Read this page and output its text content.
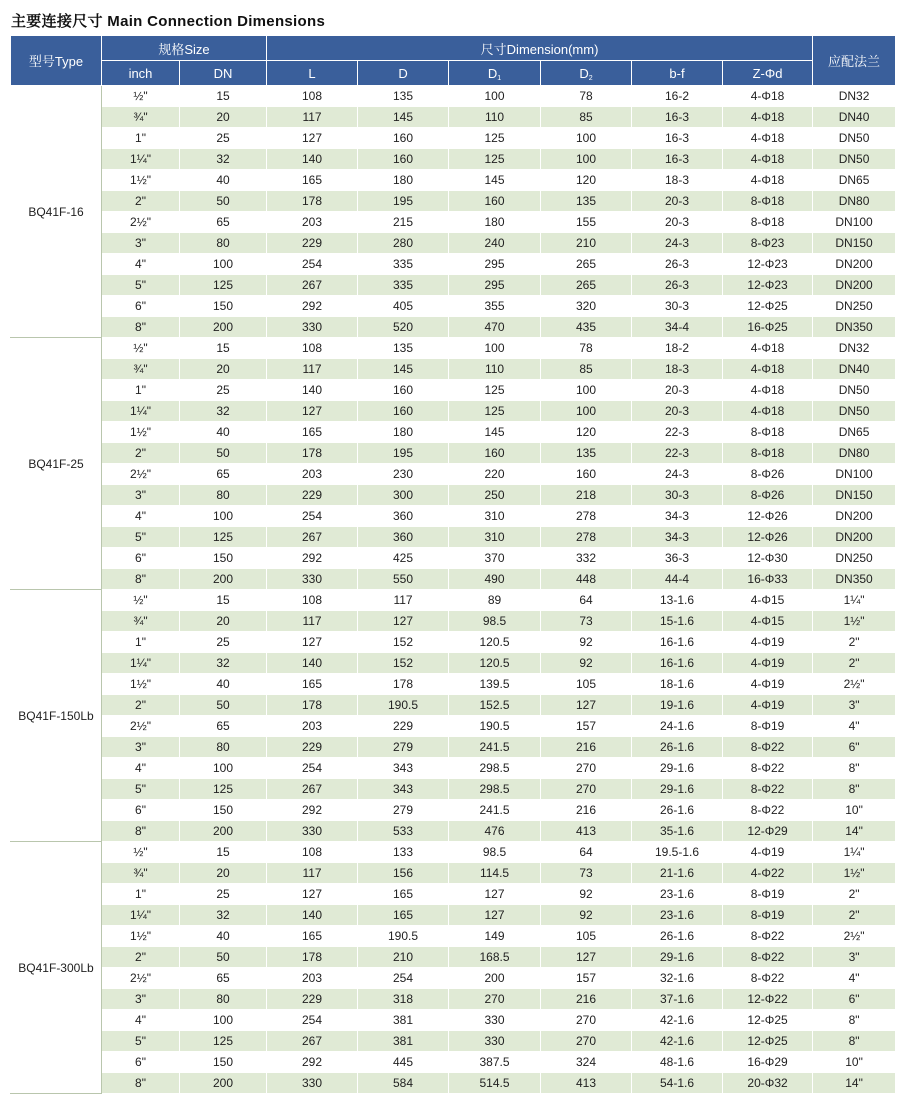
主要连接尺寸 Main Connection Dimensions
型号Type	规格Size		尺寸Dimension(mm)						应配法兰
	inch	DN	L	D	$D_1$	$D_2$	b-f	Z-Φd	
BQ41F-16	½"	15	108	135	100	78	16-2	4-Φ18	DN32
	¾"	20	117	145	110	85	16-3	4-Φ18	DN40
	1"	25	127	160	125	100	16-3	4-Φ18	DN50
	1¼"	32	140	160	125	100	16-3	4-Φ18	DN50
	1½"	40	165	180	145	120	18-3	4-Φ18	DN65
	2"	50	178	195	160	135	20-3	8-Φ18	DN80
	2½"	65	203	215	180	155	20-3	8-Φ18	DN100
	3"	80	229	280	240	210	24-3	8-Φ23	DN150
	4"	100	254	335	295	265	26-3	12-Φ23	DN200
	5"	125	267	335	295	265	26-3	12-Φ23	DN200
	6"	150	292	405	355	320	30-3	12-Φ25	DN250
	8"	200	330	520	470	435	34-4	16-Φ25	DN350
BQ41F-25	½"	15	108	135	100	78	18-2	4-Φ18	DN32
	¾"	20	117	145	110	85	18-3	4-Φ18	DN40
	1"	25	140	160	125	100	20-3	4-Φ18	DN50
	1¼"	32	127	160	125	100	20-3	4-Φ18	DN50
	1½"	40	165	180	145	120	22-3	8-Φ18	DN65
	2"	50	178	195	160	135	22-3	8-Φ18	DN80
	2½"	65	203	230	220	160	24-3	8-Φ26	DN100
	3"	80	229	300	250	218	30-3	8-Φ26	DN150
	4"	100	254	360	310	278	34-3	12-Φ26	DN200
	5"	125	267	360	310	278	34-3	12-Φ26	DN200
	6"	150	292	425	370	332	36-3	12-Φ30	DN250
	8"	200	330	550	490	448	44-4	16-Φ33	DN350
BQ41F-150Lb	½"	15	108	117	89	64	13-1.6	4-Φ15	1¼"
	¾"	20	117	127	98.5	73	15-1.6	4-Φ15	1½"
	1"	25	127	152	120.5	92	16-1.6	4-Φ19	2"
	1¼"	32	140	152	120.5	92	16-1.6	4-Φ19	2"
	1½"	40	165	178	139.5	105	18-1.6	4-Φ19	2½"
	2"	50	178	190.5	152.5	127	19-1.6	4-Φ19	3"
	2½"	65	203	229	190.5	157	24-1.6	8-Φ19	4"
	3"	80	229	279	241.5	216	26-1.6	8-Φ22	6"
	4"	100	254	343	298.5	270	29-1.6	8-Φ22	8"
	5"	125	267	343	298.5	270	29-1.6	8-Φ22	8"
	6"	150	292	279	241.5	216	26-1.6	8-Φ22	10"
	8"	200	330	533	476	413	35-1.6	12-Φ29	14"
BQ41F-300Lb	½"	15	108	133	98.5	64	19.5-1.6	4-Φ19	1¼"
	¾"	20	117	156	114.5	73	21-1.6	4-Φ22	1½"
	1"	25	127	165	127	92	23-1.6	8-Φ19	2"
	1¼"	32	140	165	127	92	23-1.6	8-Φ19	2"
	1½"	40	165	190.5	149	105	26-1.6	8-Φ22	2½"
	2"	50	178	210	168.5	127	29-1.6	8-Φ22	3"
	2½"	65	203	254	200	157	32-1.6	8-Φ22	4"
	3"	80	229	318	270	216	37-1.6	12-Φ22	6"
	4"	100	254	381	330	270	42-1.6	12-Φ25	8"
	5"	125	267	381	330	270	42-1.6	12-Φ25	8"
	6"	150	292	445	387.5	324	48-1.6	16-Φ29	10"
	8"	200	330	584	514.5	413	54-1.6	20-Φ32	14"
